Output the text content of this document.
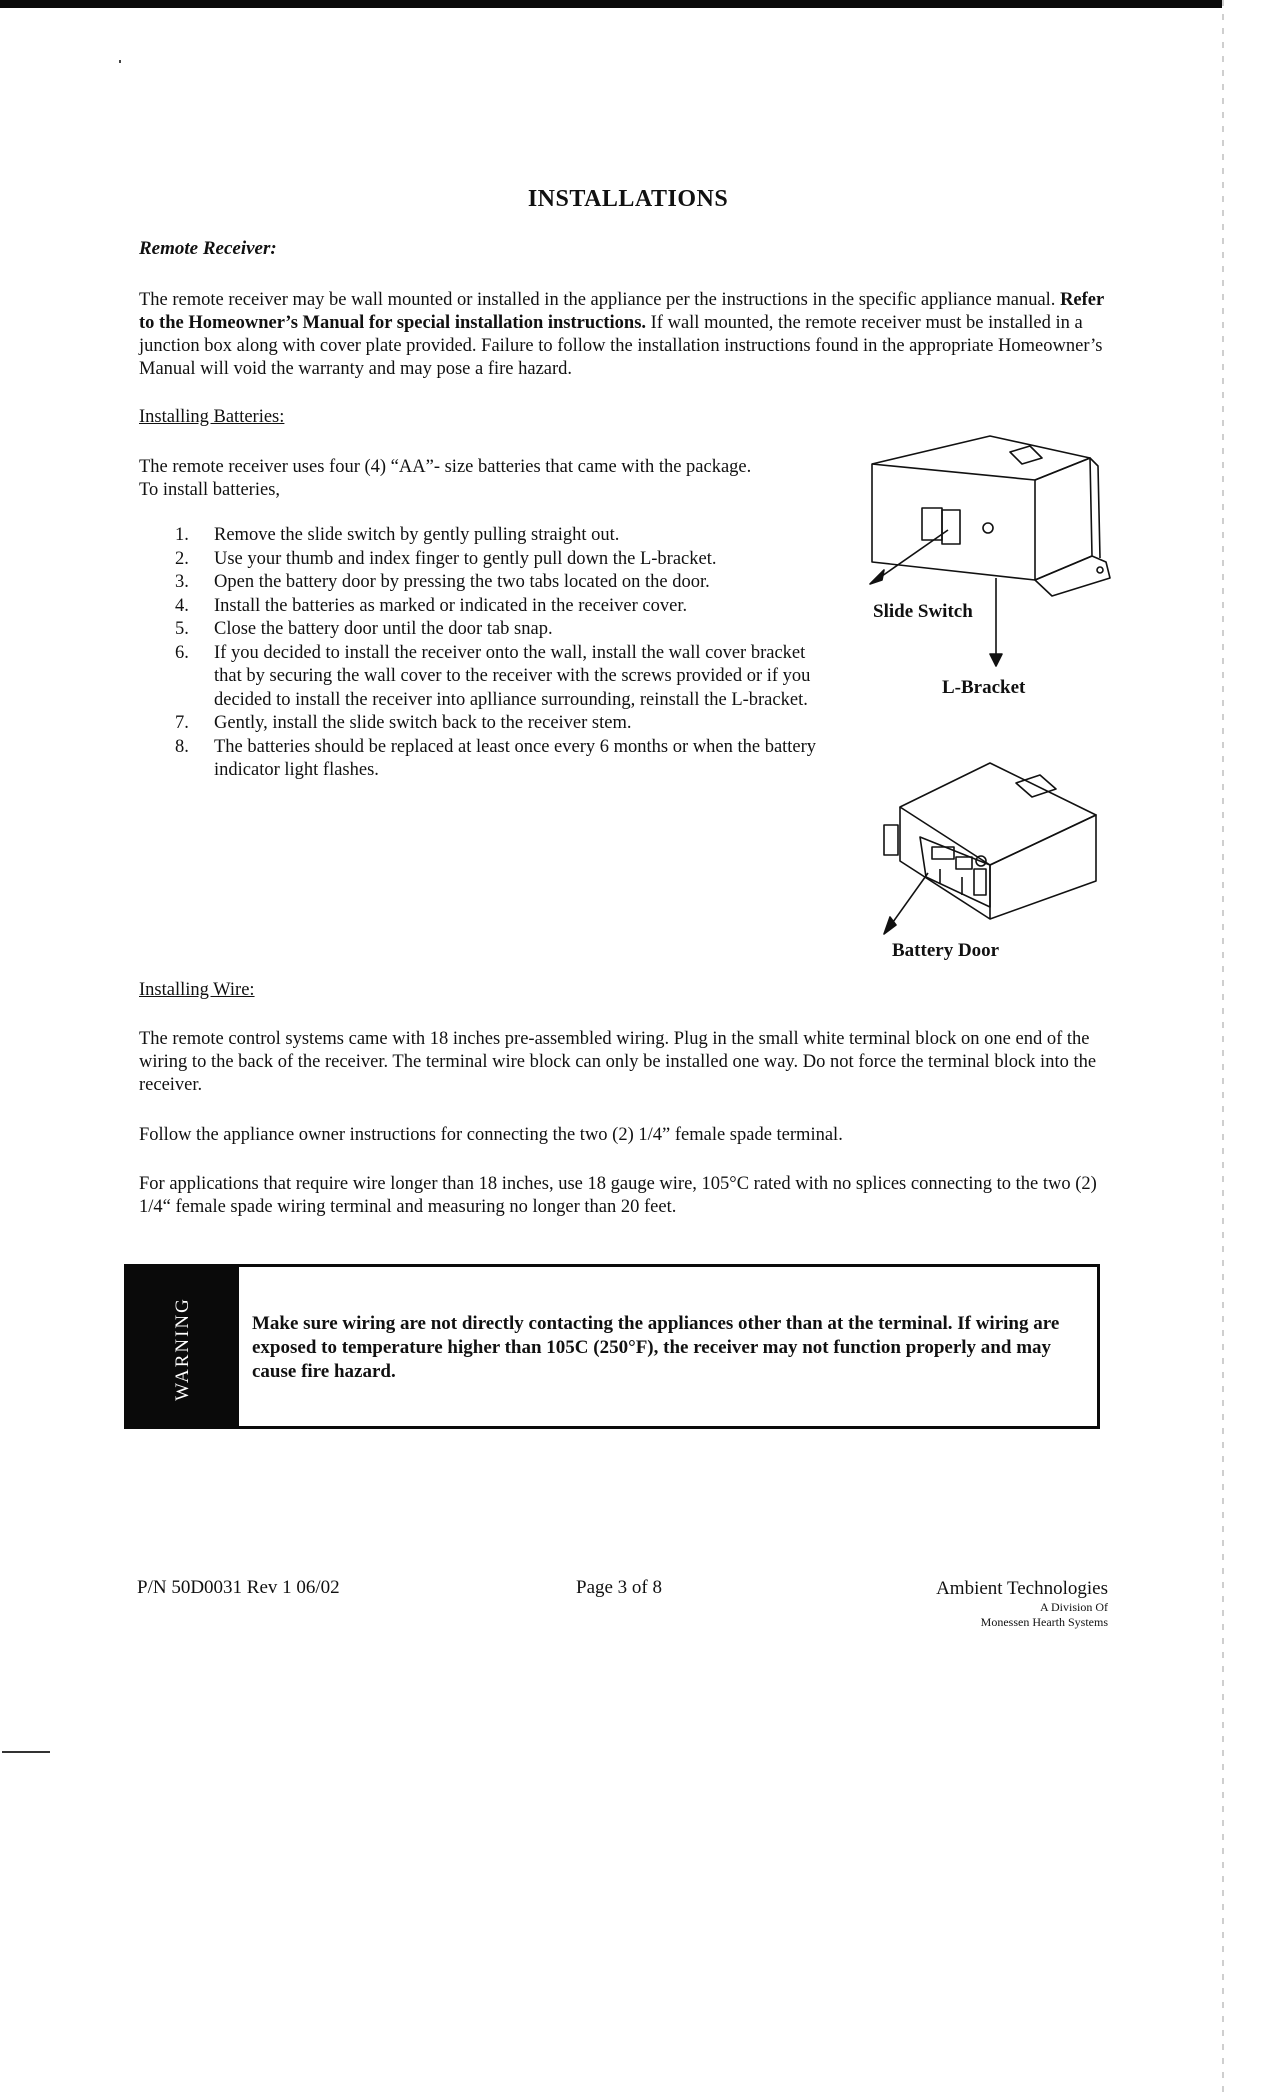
INSTALLATIONS
Remote Receiver:
The remote receiver may be wall mounted or installed in the appliance per the instructions in the specific appliance manual. Refer to the Homeowner’s Manual for special installation instructions. If wall mounted, the remote receiver must be installed in a junction box along with cover plate provided. Failure to follow the installation instructions found in the appropriate Homeowner’s Manual will void the warranty and may pose a fire hazard.
Installing Batteries:
The remote receiver uses four (4) “AA”- size batteries that came with the package. To install batteries,
1. Remove the slide switch by gently pulling straight out.
2. Use your thumb and index finger to gently pull down the L-bracket.
3. Open the battery door by pressing the two tabs located on the door.
4. Install the batteries as marked or indicated in the receiver cover.
5. Close the battery door until the door tab snap.
6. If you decided to install the receiver onto the wall, install the wall cover bracket that by securing the wall cover to the receiver with the screws provided or if you decided to install the receiver into aplliance surrounding, reinstall the L-bracket.
7. Gently, install the slide switch back to the receiver stem.
8. The batteries should be replaced at least once every 6 months or when the battery indicator light flashes.
Slide Switch
L-Bracket
Battery Door
Installing Wire:
The remote control systems came with 18 inches pre-assembled wiring. Plug in the small white terminal block on one end of the wiring to the back of the receiver. The terminal wire block can only be installed one way. Do not force the terminal block into the receiver.
Follow the appliance owner instructions for connecting the two (2) 1/4” female spade terminal.
For applications that require wire longer than 18 inches, use 18 gauge wire, 105°C rated with no splices connecting to the two (2) 1/4“ female spade wiring terminal and measuring no longer than 20 feet.
WARNING	Make sure wiring are not directly contacting the appliances other than at the terminal. If wiring are exposed to temperature higher than 105C (250°F), the receiver may not function properly and may cause fire hazard.
P/N 50D0031 Rev 1 06/02	Page 3 of 8	Ambient Technologies
A Division Of
Monessen Hearth Systems
